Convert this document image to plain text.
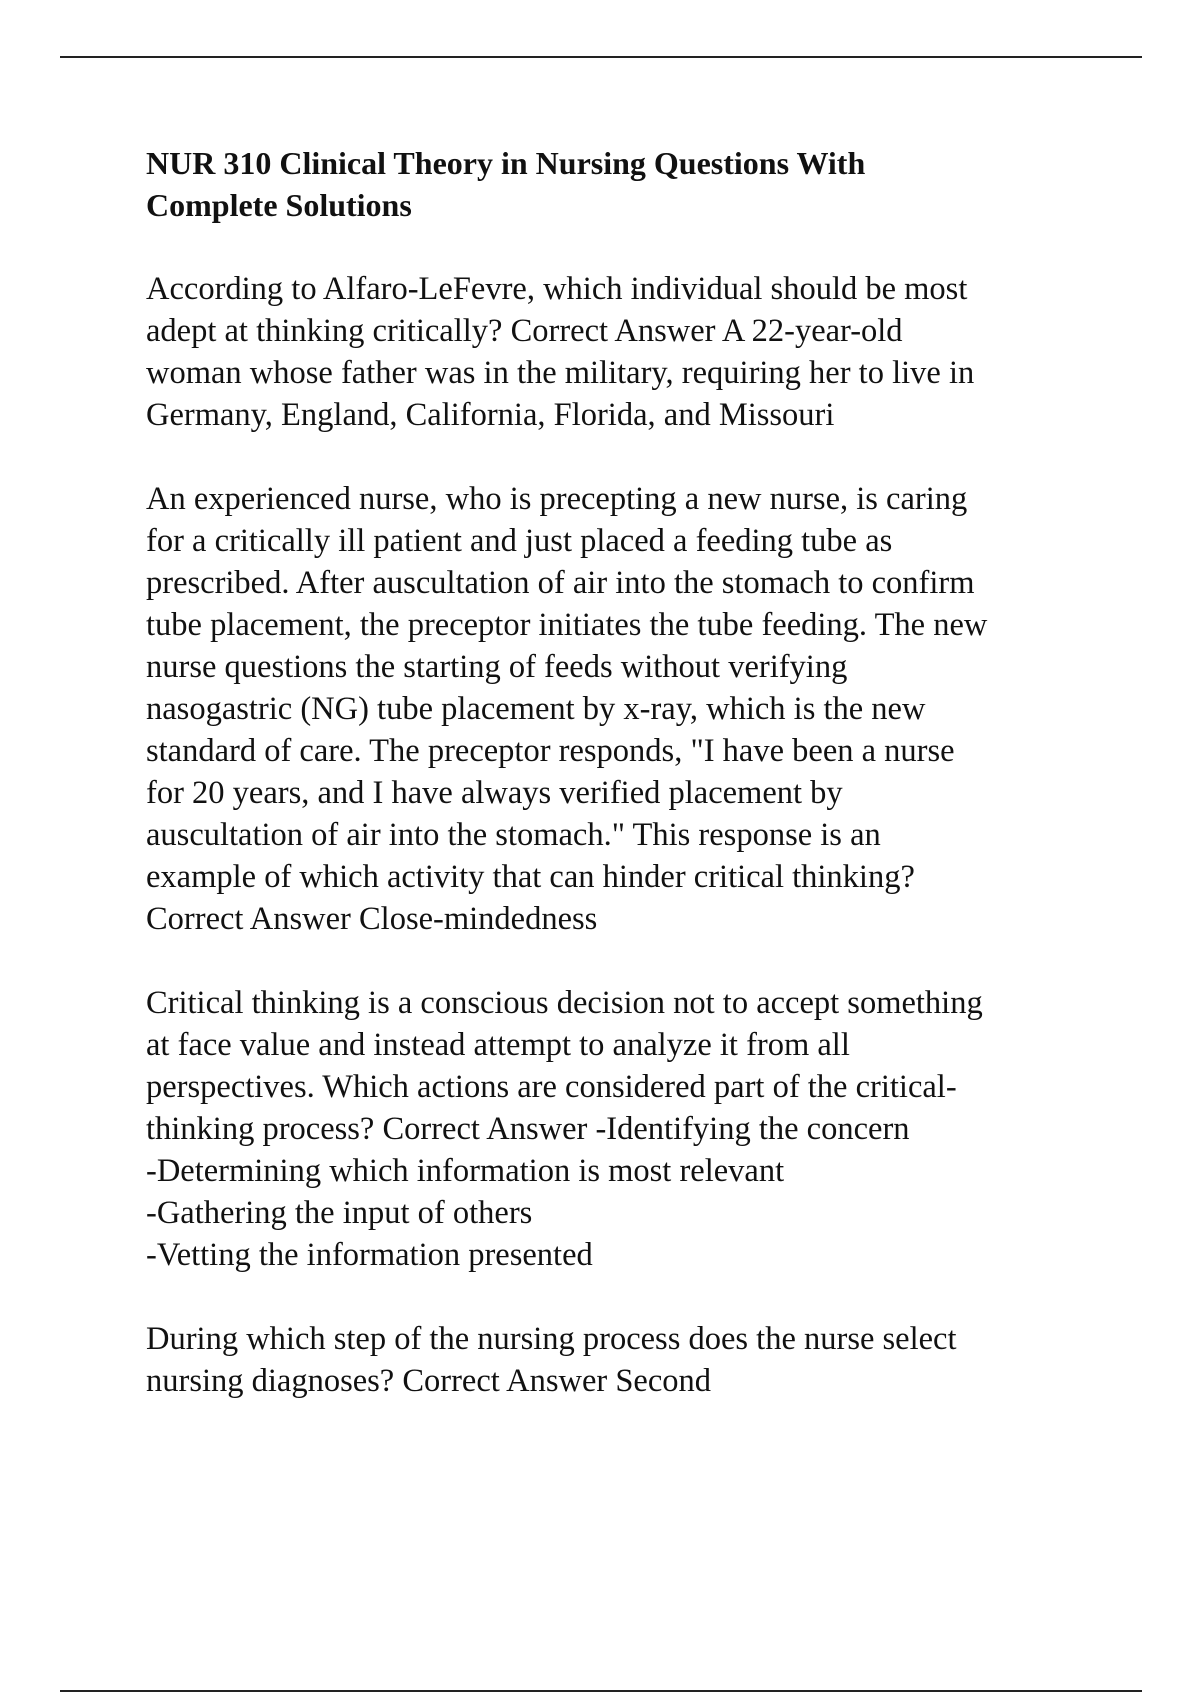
NUR 310 Clinical Theory in Nursing Questions With
Complete Solutions
According to Alfaro-LeFevre, which individual should be most
adept at thinking critically? Correct Answer A 22-year-old
woman whose father was in the military, requiring her to live in
Germany, England, California, Florida, and Missouri
An experienced nurse, who is precepting a new nurse, is caring
for a critically ill patient and just placed a feeding tube as
prescribed. After auscultation of air into the stomach to confirm
tube placement, the preceptor initiates the tube feeding. The new
nurse questions the starting of feeds without verifying
nasogastric (NG) tube placement by x-ray, which is the new
standard of care. The preceptor responds, "I have been a nurse
for 20 years, and I have always verified placement by
auscultation of air into the stomach." This response is an
example of which activity that can hinder critical thinking?
Correct Answer Close-mindedness
Critical thinking is a conscious decision not to accept something
at face value and instead attempt to analyze it from all
perspectives. Which actions are considered part of the critical-
thinking process? Correct Answer -Identifying the concern
-Determining which information is most relevant
-Gathering the input of others
-Vetting the information presented
During which step of the nursing process does the nurse select
nursing diagnoses? Correct Answer Second
